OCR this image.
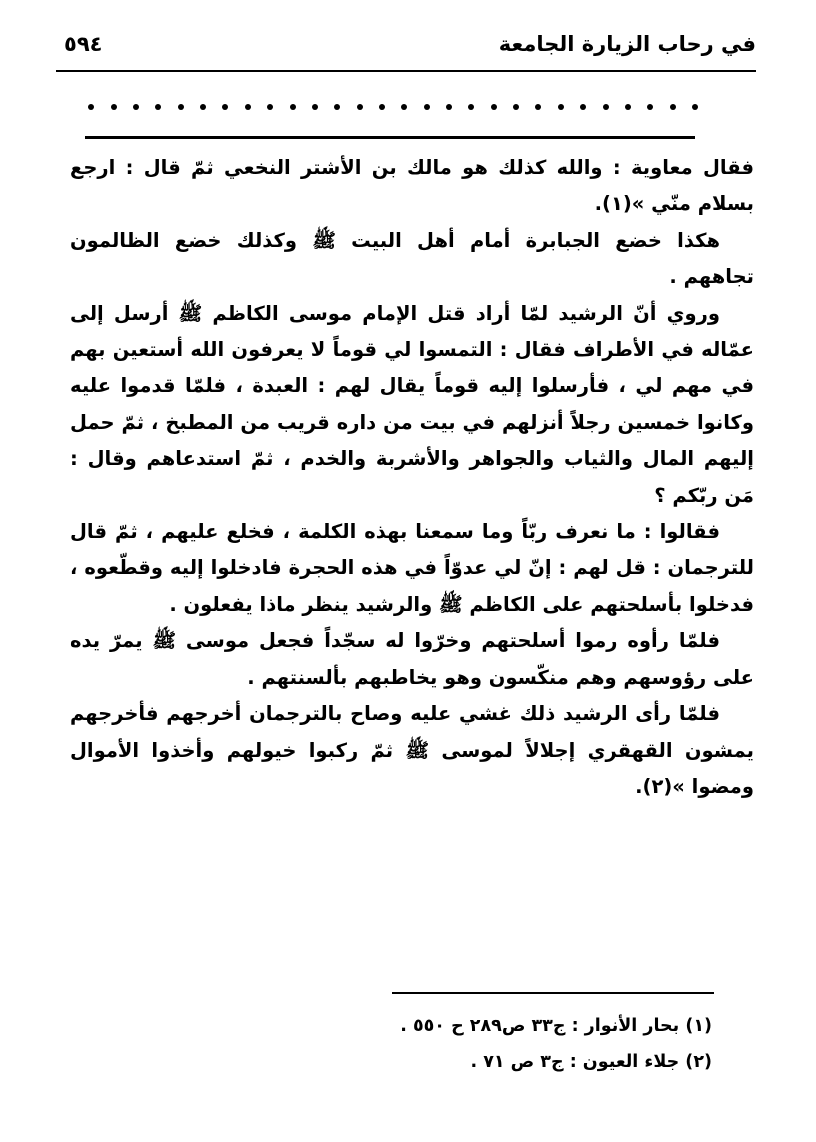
في رحاب الزيارة الجامعة
٥٩٤

فقال معاوية : والله كذلك هو مالك بن الأشتر النخعي ثمّ قال : ارجع بسلام منّي »(١).

هكذا خضع الجبابرة أمام أهل البيت ﷺ وكذلك خضع الظالمون تجاههم .

وروي أنّ الرشيد لمّا أراد قتل الإمام موسى الكاظم ﷺ أرسل إلى عمّاله في الأطراف فقال : التمسوا لي قوماً لا يعرفون الله أستعين بهم في مهم لي ، فأرسلوا إليه قوماً يقال لهم : العبدة ، فلمّا قدموا عليه وكانوا خمسين رجلاً أنزلهم في بيت من داره قريب من المطبخ ، ثمّ حمل إليهم المال والثياب والجواهر والأشربة والخدم ، ثمّ استدعاهم وقال : مَن ربّكم ؟

فقالوا : ما نعرف ربّاً وما سمعنا بهذه الكلمة ، فخلع عليهم ، ثمّ قال للترجمان : قل لهم : إنّ لي عدوّاً في هذه الحجرة فادخلوا إليه وقطّعوه ، فدخلوا بأسلحتهم على الكاظم ﷺ والرشيد ينظر ماذا يفعلون .

فلمّا رأوه رموا أسلحتهم وخرّوا له سجّداً فجعل موسى ﷺ يمرّ يده على رؤوسهم وهم منكّسون وهو يخاطبهم بألسنتهم .

فلمّا رأى الرشيد ذلك غشي عليه وصاح بالترجمان أخرجهم فأخرجهم يمشون القهقري إجلالاً لموسى ﷺ ثمّ ركبوا خيولهم وأخذوا الأموال ومضوا »(٢).

(١) بحار الأنوار : ج٣٣ ص٢٨٩ ح ٥٥٠ .
(٢) جلاء العيون : ج٣ ص ٧١ .
